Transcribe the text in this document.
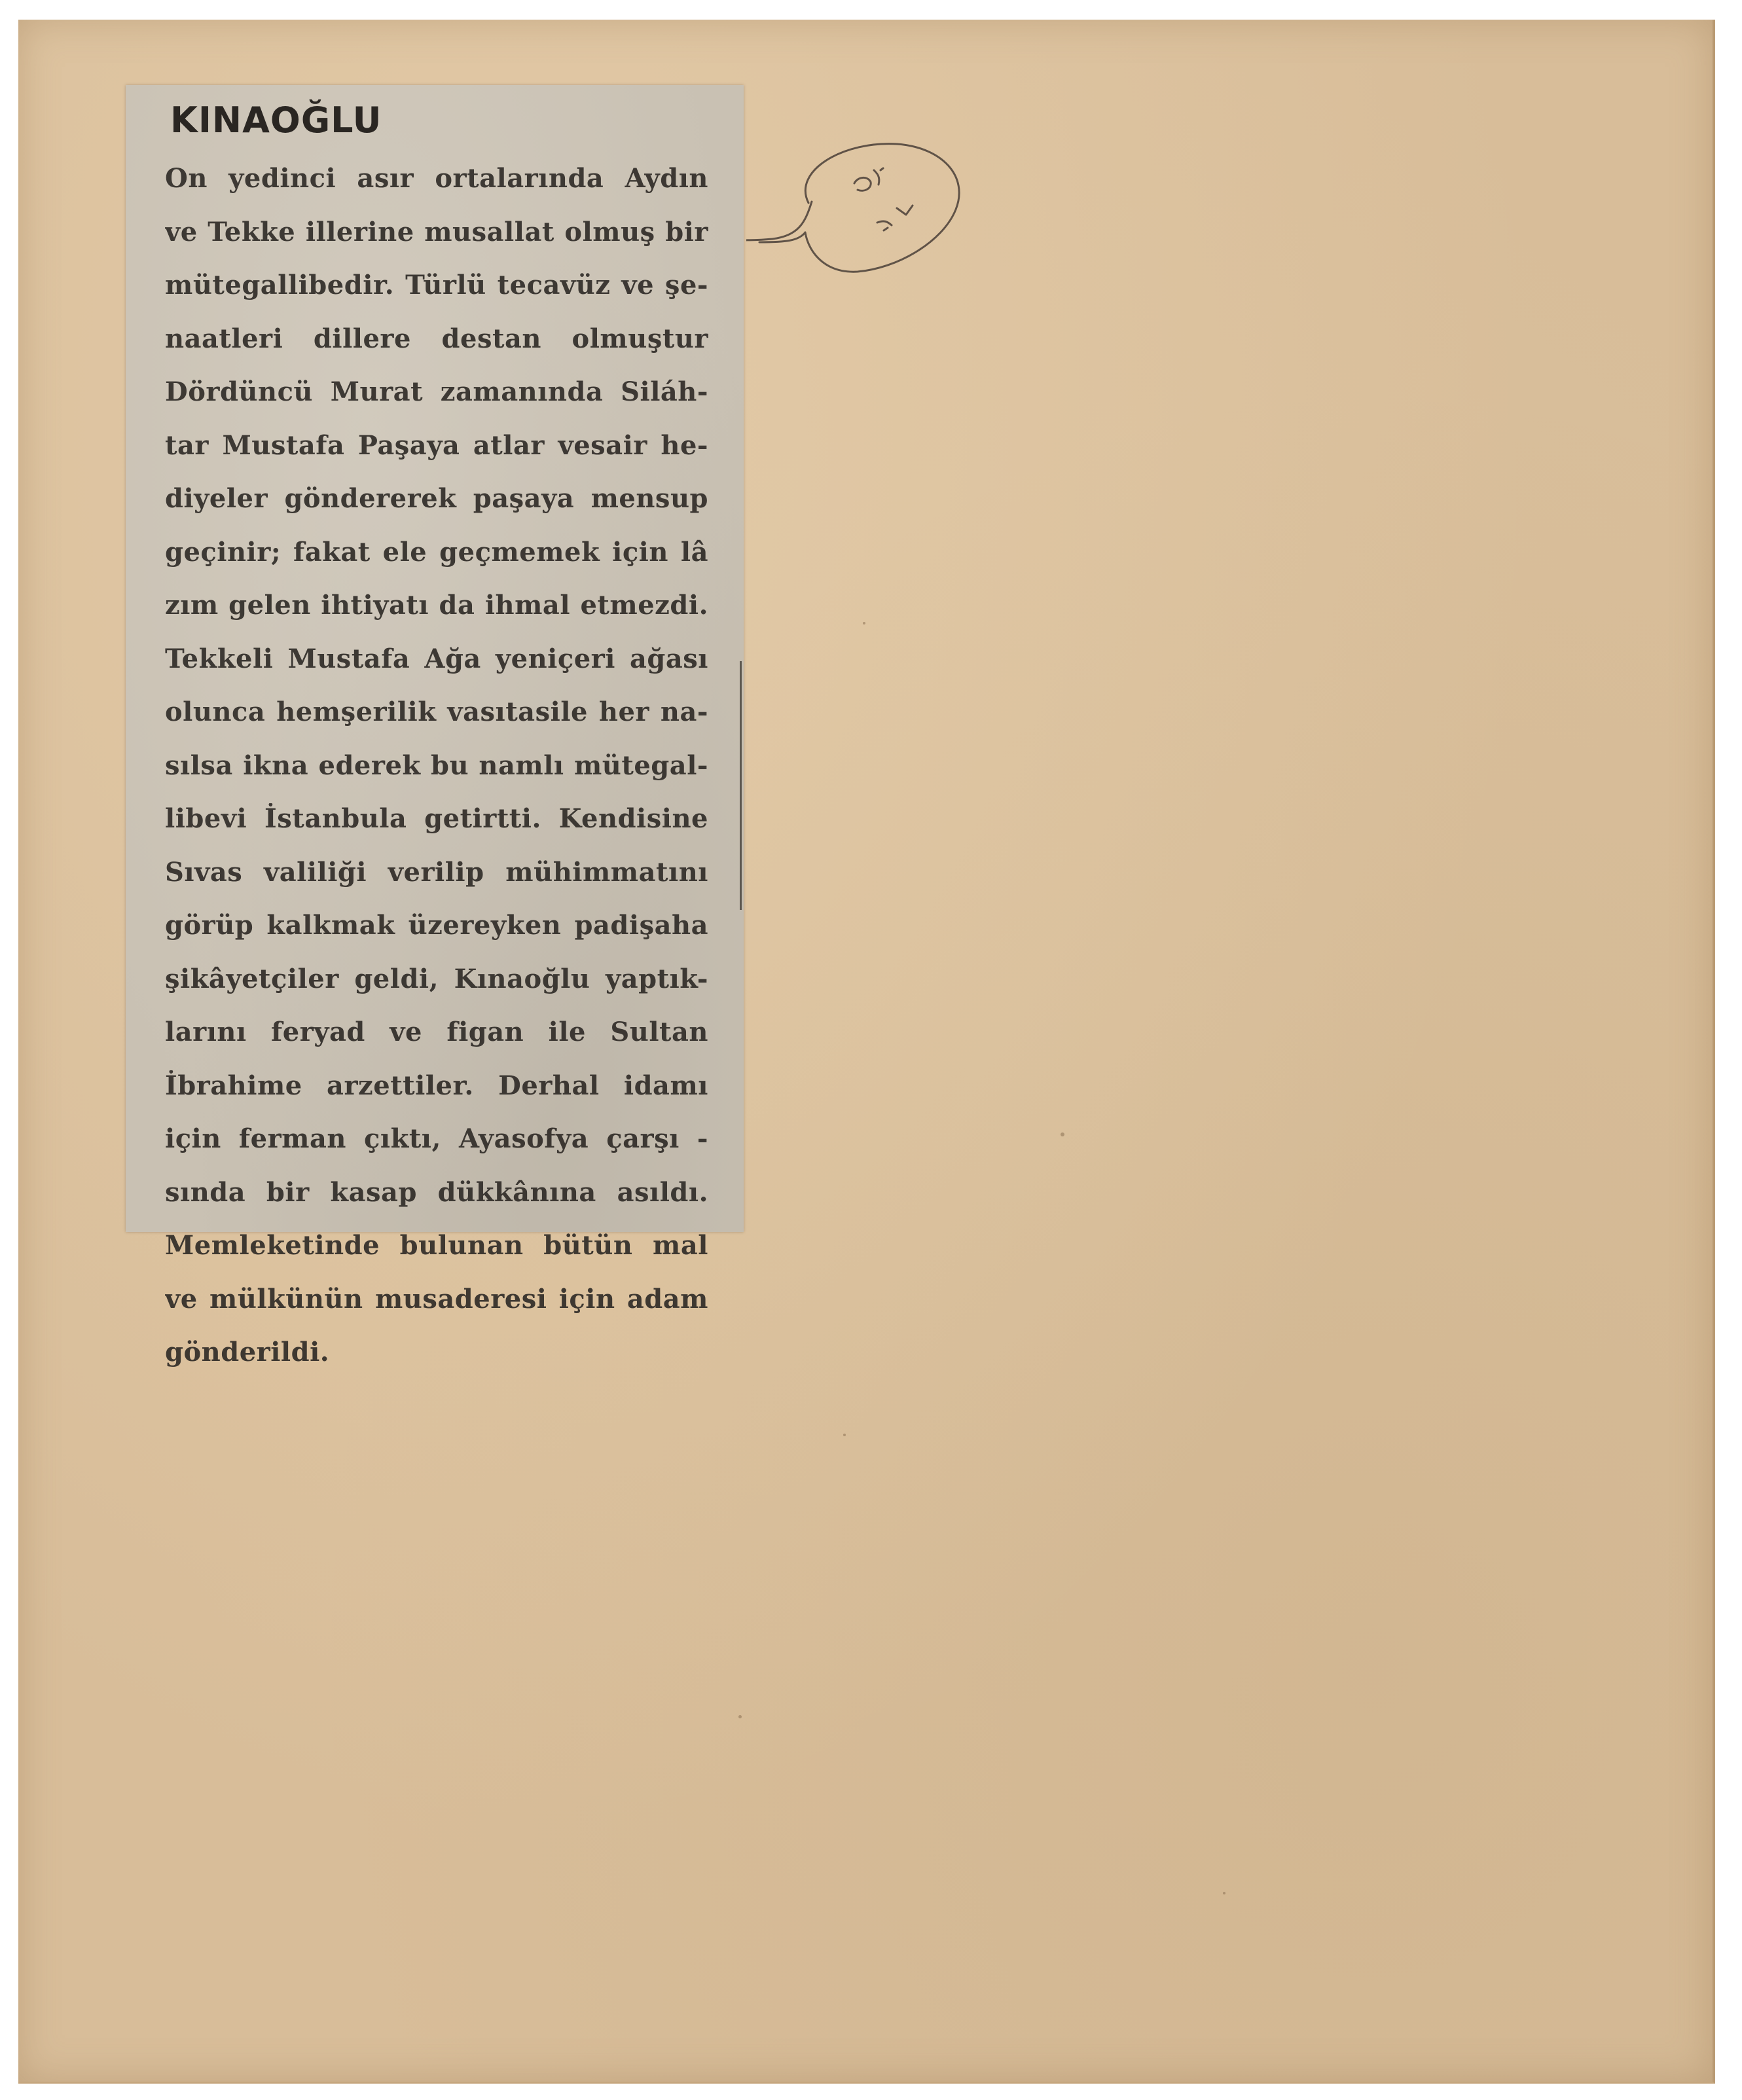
KINAOĞLU
On yedinci asır ortalarında Aydın
ve Tekke illerine musallat olmuş bir
mütegallibedir. Türlü tecavüz ve şe-
naatleri dillere destan olmuştur
Dördüncü Murat zamanında Siláh-
tar Mustafa Paşaya atlar vesair he-
diyeler göndererek paşaya mensup
geçinir; fakat ele geçmemek için lâ
zım gelen ihtiyatı da ihmal etmezdi.
Tekkeli Mustafa Ağa yeniçeri ağası
olunca hemşerilik vasıtasile her na-
sılsa ikna ederek bu namlı mütegal-
libevi İstanbula getirtti. Kendisine
Sıvas valiliği verilip mühimmatını
görüp kalkmak üzereyken padişaha
şikâyetçiler geldi, Kınaoğlu yaptık-
larını feryad ve figan ile Sultan
İbrahime arzettiler. Derhal idamı
için ferman çıktı, Ayasofya çarşı -
sında bir kasap dükkânına asıldı.
Memleketinde bulunan bütün mal
ve mülkünün musaderesi için adam
gönderildi.
